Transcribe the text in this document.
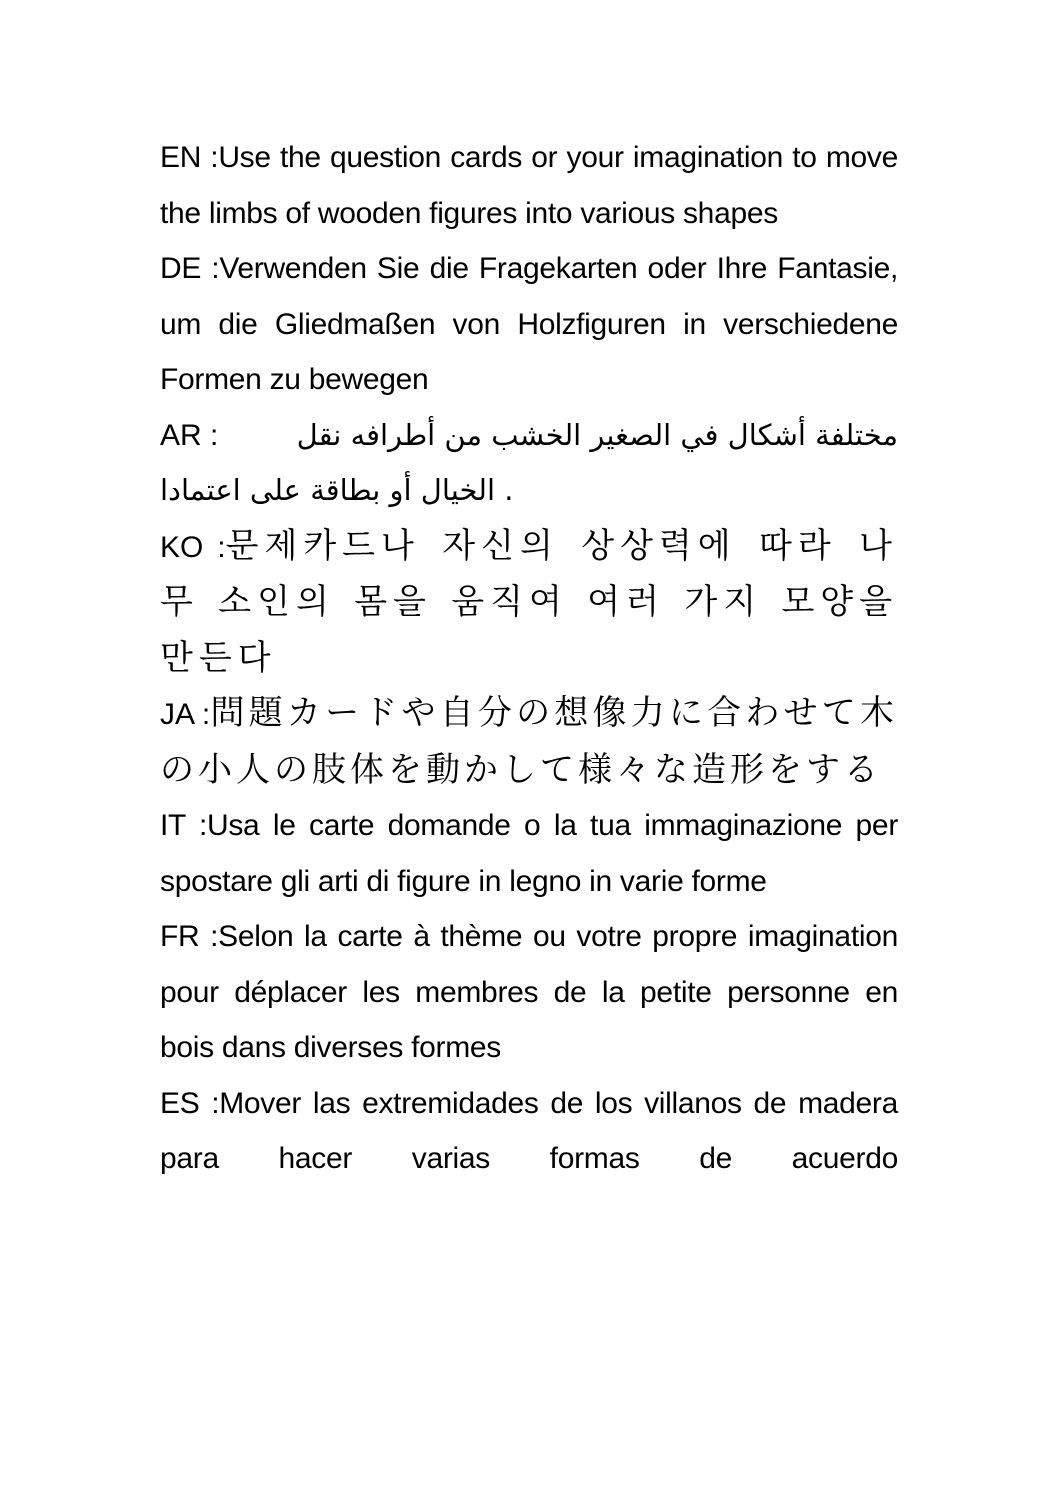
EN :Use the question cards or your imagination to move the limbs of wooden figures into various shapes

DE :Verwenden Sie die Fragekarten oder Ihre Fantasie, um die Gliedmaßen von Holzfiguren in verschiedene Formen zu bewegen

AR :	مختلفة أشكال في الصغير الخشب من أطرافه نقل
. الخيال أو بطاقة على اعتمادا

KO :문제카드나 자신의 상상력에 따라 나무 소인의 몸을 움직여 여러 가지 모양을 만든다

JA :問題カードや自分の想像力に合わせて木の小人の肢体を動かして様々な造形をする

IT :Usa le carte domande o la tua immaginazione per spostare gli arti di figure in legno in varie forme

FR :Selon la carte à thème ou votre propre imagination pour déplacer les membres de la petite personne en bois dans diverses formes

ES :Mover las extremidades de los villanos de madera para hacer varias formas de acuerdo
